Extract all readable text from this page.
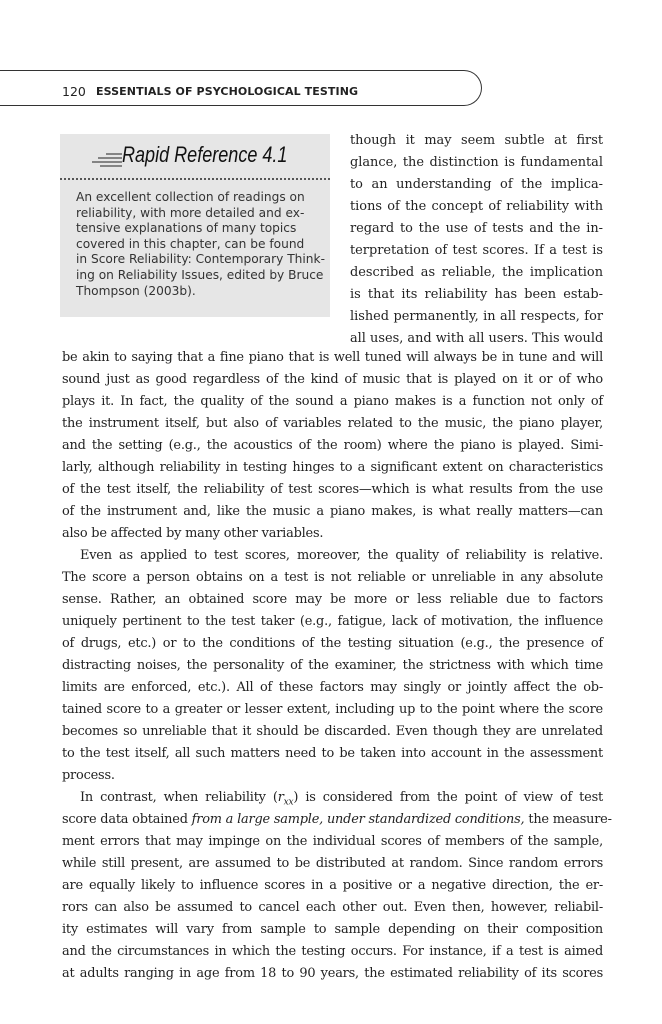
120 ESSENTIALS OF PSYCHOLOGICAL TESTING
Rapid Reference 4.1
An excellent collection of readings on
reliability, with more detailed and ex-
tensive explanations of many topics
covered in this chapter, can be found
in Score Reliability: Contemporary Think-
ing on Reliability Issues, edited by Bruce
Thompson (2003b).
though it may seem subtle at first
glance, the distinction is fundamental
to an understanding of the implica-
tions of the concept of reliability with
regard to the use of tests and the in-
terpretation of test scores. If a test is
described as reliable, the implication
is that its reliability has been estab-
lished permanently, in all respects, for
all uses, and with all users. This would
be akin to saying that a fine piano that is well tuned will always be in tune and will
sound just as good regardless of the kind of music that is played on it or of who
plays it. In fact, the quality of the sound a piano makes is a function not only of
the instrument itself, but also of variables related to the music, the piano player,
and the setting (e.g., the acoustics of the room) where the piano is played. Simi-
larly, although reliability in testing hinges to a significant extent on characteristics
of the test itself, the reliability of test scores—which is what results from the use
of the instrument and, like the music a piano makes, is what really matters—can
also be affected by many other variables.
Even as applied to test scores, moreover, the quality of reliability is relative.
The score a person obtains on a test is not reliable or unreliable in any absolute
sense. Rather, an obtained score may be more or less reliable due to factors
uniquely pertinent to the test taker (e.g., fatigue, lack of motivation, the influence
of drugs, etc.) or to the conditions of the testing situation (e.g., the presence of
distracting noises, the personality of the examiner, the strictness with which time
limits are enforced, etc.). All of these factors may singly or jointly affect the ob-
tained score to a greater or lesser extent, including up to the point where the score
becomes so unreliable that it should be discarded. Even though they are unrelated
to the test itself, all such matters need to be taken into account in the assessment
process.
In contrast, when reliability $(r_{xx})$ is considered from the point of view of test
score data obtained from a large sample, under standardized conditions, the measure-
ment errors that may impinge on the individual scores of members of the sample,
while still present, are assumed to be distributed at random. Since random errors
are equally likely to influence scores in a positive or a negative direction, the er-
rors can also be assumed to cancel each other out. Even then, however, reliabil-
ity estimates will vary from sample to sample depending on their composition
and the circumstances in which the testing occurs. For instance, if a test is aimed
at adults ranging in age from 18 to 90 years, the estimated reliability of its scores
